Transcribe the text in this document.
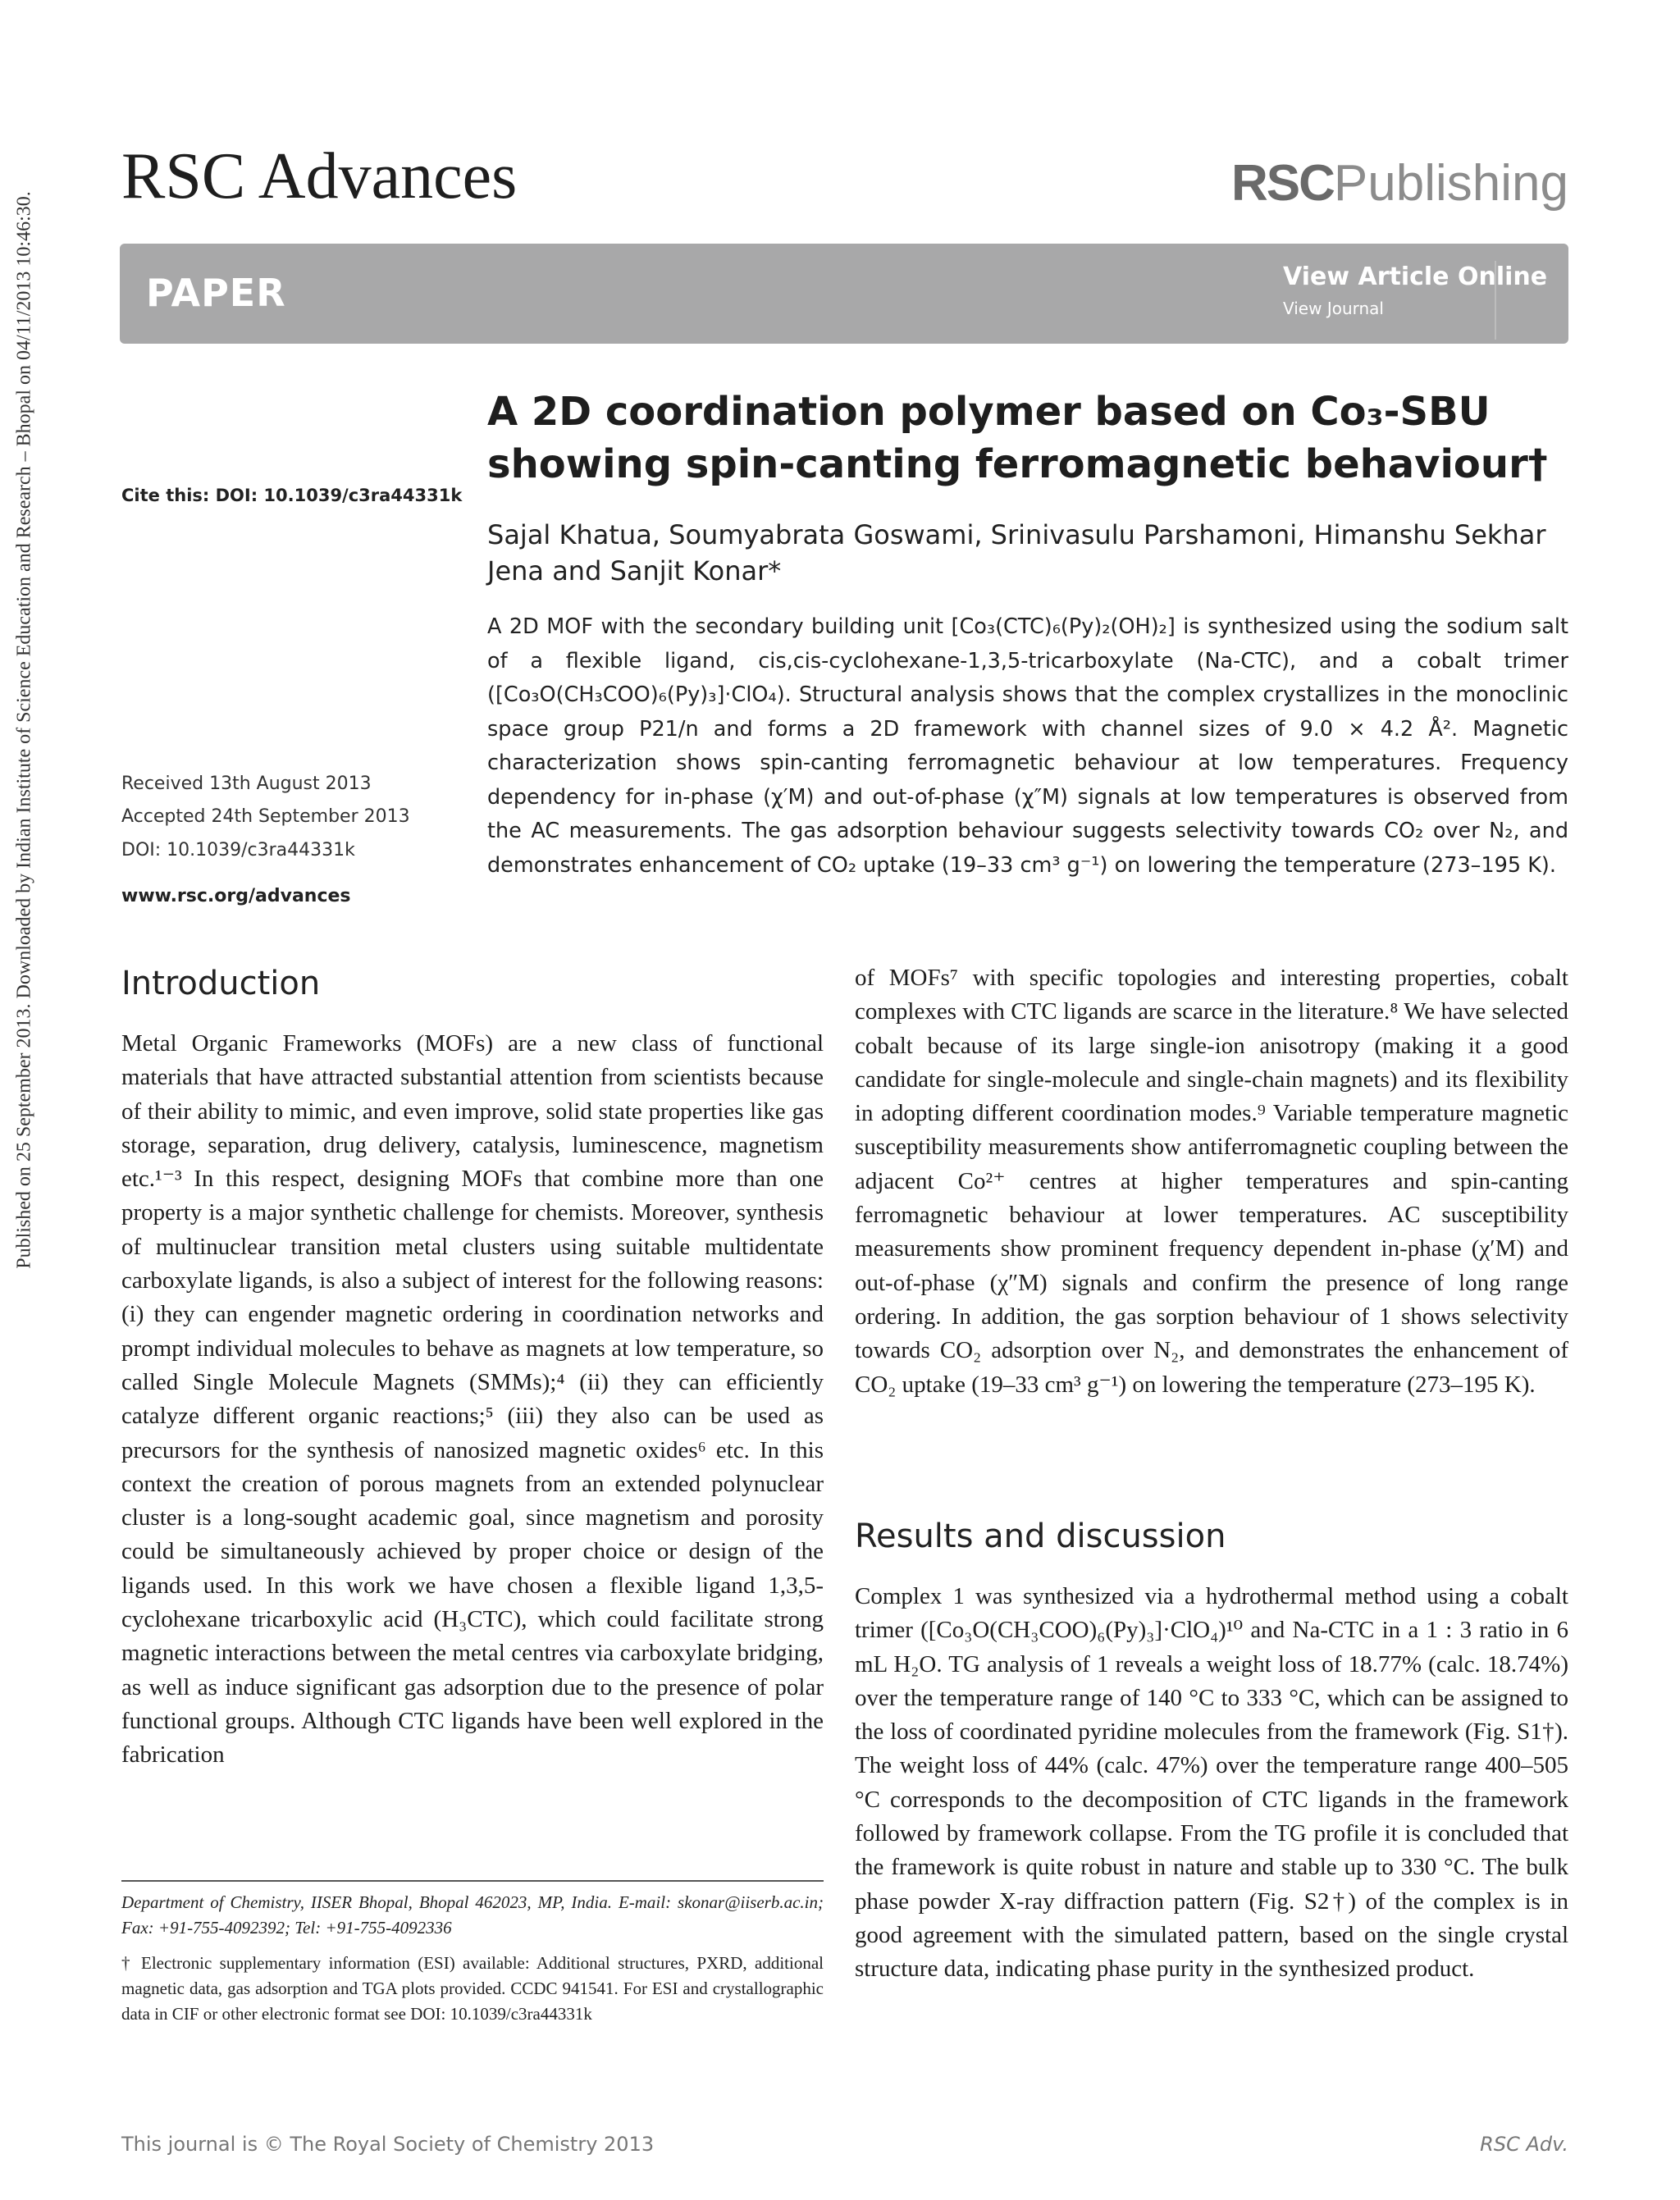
Published on 25 September 2013. Downloaded by Indian Institute of Science Education and Research – Bhopal on 04/11/2013 10:46:30.
RSC Advances	RSCPublishing
PAPER	View Article Online
View Journal
A 2D coordination polymer based on Co₃-SBU showing spin-canting ferromagnetic behaviour†
Sajal Khatua, Soumyabrata Goswami, Srinivasulu Parshamoni, Himanshu Sekhar Jena and Sanjit Konar*
Cite this: DOI: 10.1039/c3ra44331k
Received 13th August 2013
Accepted 24th September 2013
DOI: 10.1039/c3ra44331k
www.rsc.org/advances
A 2D MOF with the secondary building unit [Co₃(CTC)₆(Py)₂(OH)₂] is synthesized using the sodium salt of a flexible ligand, cis,cis-cyclohexane-1,3,5-tricarboxylate (Na-CTC), and a cobalt trimer ([Co₃O(CH₃COO)₆(Py)₃]·ClO₄). Structural analysis shows that the complex crystallizes in the monoclinic space group P21/n and forms a 2D framework with channel sizes of 9.0 × 4.2 Å². Magnetic characterization shows spin-canting ferromagnetic behaviour at low temperatures. Frequency dependency for in-phase (χ′M) and out-of-phase (χ″M) signals at low temperatures is observed from the AC measurements. The gas adsorption behaviour suggests selectivity towards CO₂ over N₂, and demonstrates enhancement of CO₂ uptake (19–33 cm³ g⁻¹) on lowering the temperature (273–195 K).
Introduction

Metal Organic Frameworks (MOFs) are a new class of functional materials that have attracted substantial attention from scientists because of their ability to mimic, and even improve, solid state properties like gas storage, separation, drug delivery, catalysis, luminescence, magnetism etc.¹⁻³ In this respect, designing MOFs that combine more than one property is a major synthetic challenge for chemists. Moreover, synthesis of multinuclear transition metal clusters using suitable multidentate carboxylate ligands, is also a subject of interest for the following reasons: (i) they can engender magnetic ordering in coordination networks and prompt individual molecules to behave as magnets at low temperature, so called Single Molecule Magnets (SMMs);⁴ (ii) they can efficiently catalyze different organic reactions;⁵ (iii) they also can be used as precursors for the synthesis of nanosized magnetic oxides⁶ etc. In this context the creation of porous magnets from an extended polynuclear cluster is a long-sought academic goal, since magnetism and porosity could be simultaneously achieved by proper choice or design of the ligands used. In this work we have chosen a flexible ligand 1,3,5-cyclohexane tricarboxylic acid (H₃CTC), which could facilitate strong magnetic interactions between the metal centres via carboxylate bridging, as well as induce significant gas adsorption due to the presence of polar functional groups. Although CTC ligands have been well explored in the fabrication

of MOFs⁷ with specific topologies and interesting properties, cobalt complexes with CTC ligands are scarce in the literature.⁸ We have selected cobalt because of its large single-ion anisotropy (making it a good candidate for single-molecule and single-chain magnets) and its flexibility in adopting different coordination modes.⁹ Variable temperature magnetic susceptibility measurements show antiferromagnetic coupling between the adjacent Co²⁺ centres at higher temperatures and spin-canting ferromagnetic behaviour at lower temperatures. AC susceptibility measurements show prominent frequency dependent in-phase (χ′M) and out-of-phase (χ″M) signals and confirm the presence of long range ordering. In addition, the gas sorption behaviour of 1 shows selectivity towards CO₂ adsorption over N₂, and demonstrates the enhancement of CO₂ uptake (19–33 cm³ g⁻¹) on lowering the temperature (273–195 K).

Results and discussion

Complex 1 was synthesized via a hydrothermal method using a cobalt trimer ([Co₃O(CH₃COO)₆(Py)₃]·ClO₄)¹⁰ and Na-CTC in a 1 : 3 ratio in 6 mL H₂O. TG analysis of 1 reveals a weight loss of 18.77% (calc. 18.74%) over the temperature range of 140 °C to 333 °C, which can be assigned to the loss of coordinated pyridine molecules from the framework (Fig. S1†). The weight loss of 44% (calc. 47%) over the temperature range 400–505 °C corresponds to the decomposition of CTC ligands in the framework followed by framework collapse. From the TG profile it is concluded that the framework is quite robust in nature and stable up to 330 °C. The bulk phase powder X-ray diffraction pattern (Fig. S2†) of the complex is in good agreement with the simulated pattern, based on the single crystal structure data, indicating phase purity in the synthesized product.

Department of Chemistry, IISER Bhopal, Bhopal 462023, MP, India. E-mail: skonar@iiserb.ac.in; Fax: +91-755-4092392; Tel: +91-755-4092336

† Electronic supplementary information (ESI) available: Additional structures, PXRD, additional magnetic data, gas adsorption and TGA plots provided. CCDC 941541. For ESI and crystallographic data in CIF or other electronic format see DOI: 10.1039/c3ra44331k

This journal is © The Royal Society of Chemistry 2013	RSC Adv.
